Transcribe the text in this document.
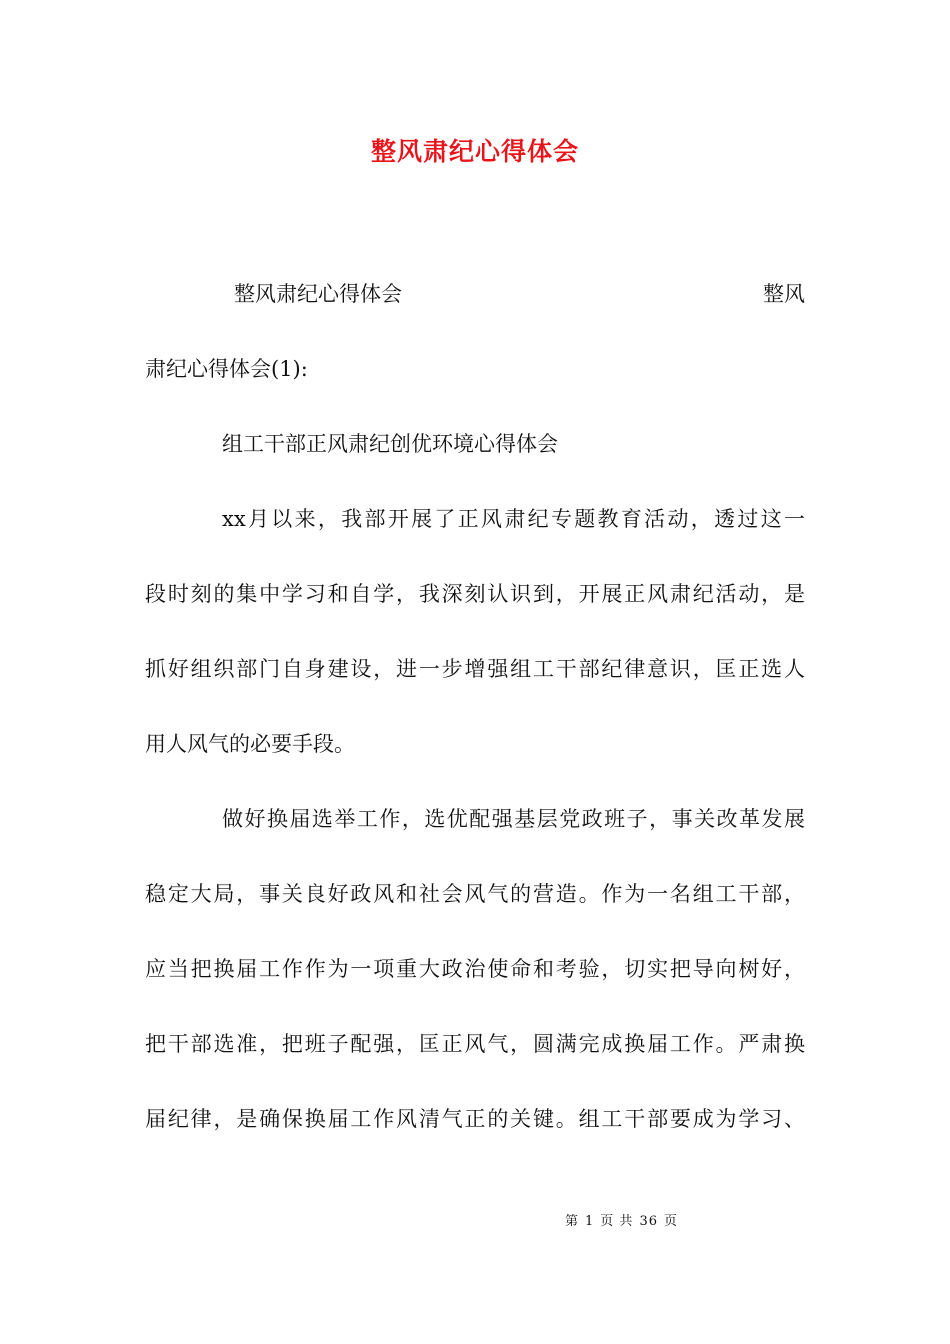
整风肃纪心得体会
整风肃纪心得体会	整风
肃纪心得体会(1):
组工干部正风肃纪创优环境心得体会
xx月以来，我部开展了正风肃纪专题教育活动，透过这一
段时刻的集中学习和自学，我深刻认识到，开展正风肃纪活动，是
抓好组织部门自身建设，进一步增强组工干部纪律意识，匡正选人
用人风气的必要手段。
做好换届选举工作，选优配强基层党政班子，事关改革发展
稳定大局，事关良好政风和社会风气的营造。作为一名组工干部，
应当把换届工作作为一项重大政治使命和考验，切实把导向树好，
把干部选准，把班子配强，匡正风气，圆满完成换届工作。严肃换
届纪律，是确保换届工作风清气正的关键。组工干部要成为学习、
第 1 页 共 36 页
